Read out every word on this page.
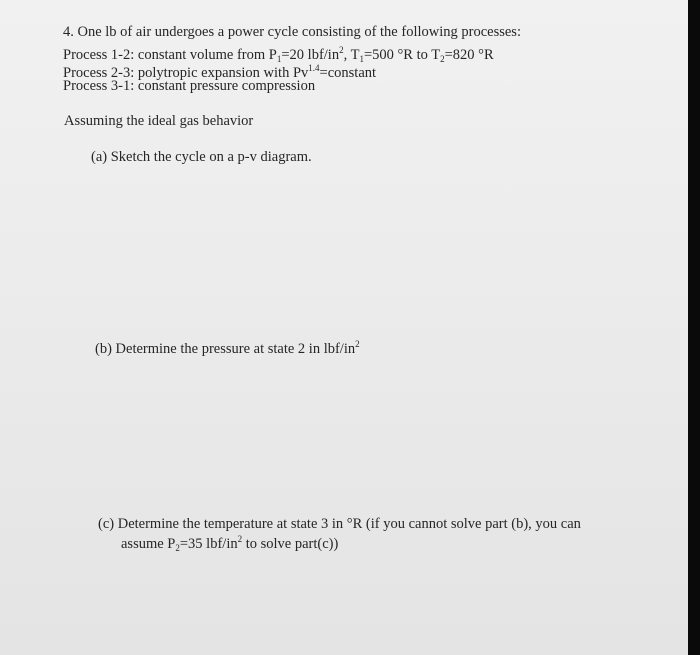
4. One lb of air undergoes a power cycle consisting of the following processes:
Process 1-2: constant volume from $P_1=20$ lbf/$in^2$, $T_1=500$ °R to $T_2=820$ °R
Process 2-3: polytropic expansion with $Pv^{1.4}=constant$
Process 3-1: constant pressure compression
Assuming the ideal gas behavior
(a) Sketch the cycle on a p-v diagram.
(b) Determine the pressure at state 2 in lbf/$in^2$
(c) Determine the temperature at state 3 in °R (if you cannot solve part (b), you can
assume $P_2=35$ lbf/$in^2$ to solve part(c))
